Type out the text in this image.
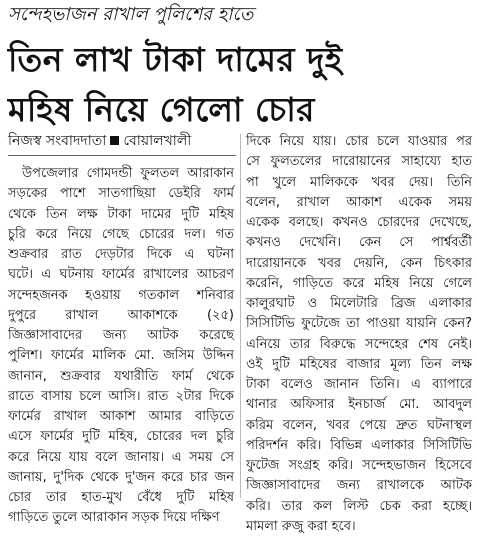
সন্দেহভাজন রাখাল পুলিশের হাতে
তিন লাখ টাকা দামের দুই
মহিষ নিয়ে গেলো চোর
নিজস্ব সংবাদদাতা বোয়ালখালী
উপজেলার গোমদন্ডী ফুলতল আরাকান
সড়কের পাশে সাতগাছিয়া ডেইরি ফার্ম
থেকে তিন লক্ষ টাকা দামের দুটি মহিষ
চুরি করে নিয়ে গেছে চোরের দল। গত
শুক্রবার রাত দেড়টার দিকে এ ঘটনা
ঘটে। এ ঘটনায় ফার্মের রাখালের আচরণ
সন্দেহজনক হওয়ায় গতকাল শনিবার
দুপুরে রাখাল আকাশকে (২৫)
জিজ্ঞাসাবাদের জন্য আটক করেছে
পুলিশ। ফার্মের মালিক মো. জসিম উদ্দিন
জানান, শুক্রবার যথারীতি ফার্ম থেকে
রাতে বাসায় চলে আসি। রাত ২টার দিকে
ফার্মের রাখাল আকাশ আমার বাড়িতে
এসে ফার্মের দুটি মহিষ, চোরের দল চুরি
করে নিয়ে যায় বলে জানায়। এ সময় সে
জানায়, দু'দিক থেকে দু'জন করে চার জন
চোর তার হাত-মুখ বেঁধে দুটি মহিষ
গাড়িতে তুলে আরাকান সড়ক দিয়ে দক্ষিণ
দিকে নিয়ে যায়। চোর চলে যাওয়ার পর
সে ফুলতলের দারোয়ানের সাহায্যে হাত
পা খুলে মালিককে খবর দেয়। তিনি
বলেন, রাখাল আকাশ একেক সময়
একেক বলছে। কখনও চোরদের দেখেছে,
কখনও দেখেনি। কেন সে পার্শ্ববর্তী
দারোয়ানকে খবর দেয়নি, কেন চিৎকার
করেনি, গাড়িতে করে মহিষ নিয়ে গেলে
কালুরঘাট ও মিলেটারি ব্রিজ এলাকার
সিসিটিভি ফুটেজে তা পাওয়া যায়নি কেন?
এনিয়ে তার বিরুদ্ধে সন্দেহের শেষ নেই।
ওই দুটি মহিষের বাজার মূল্য তিন লক্ষ
টাকা বলেও জানান তিনি। এ ব্যাপারে
থানার অফিসার ইনচার্জ মো. আবদুল
করিম বলেন, খবর পেয়ে দ্রুত ঘটনাস্থল
পরিদর্শন করি। বিভিন্ন এলাকার সিসিটিভি
ফুটেজ সংগ্রহ করি। সন্দেহভাজন হিসেবে
জিজ্ঞাসাবাদের জন্য রাখালকে আটক
করি। তার কল লিস্ট চেক করা হচ্ছে।
মামলা রুজু করা হবে।
